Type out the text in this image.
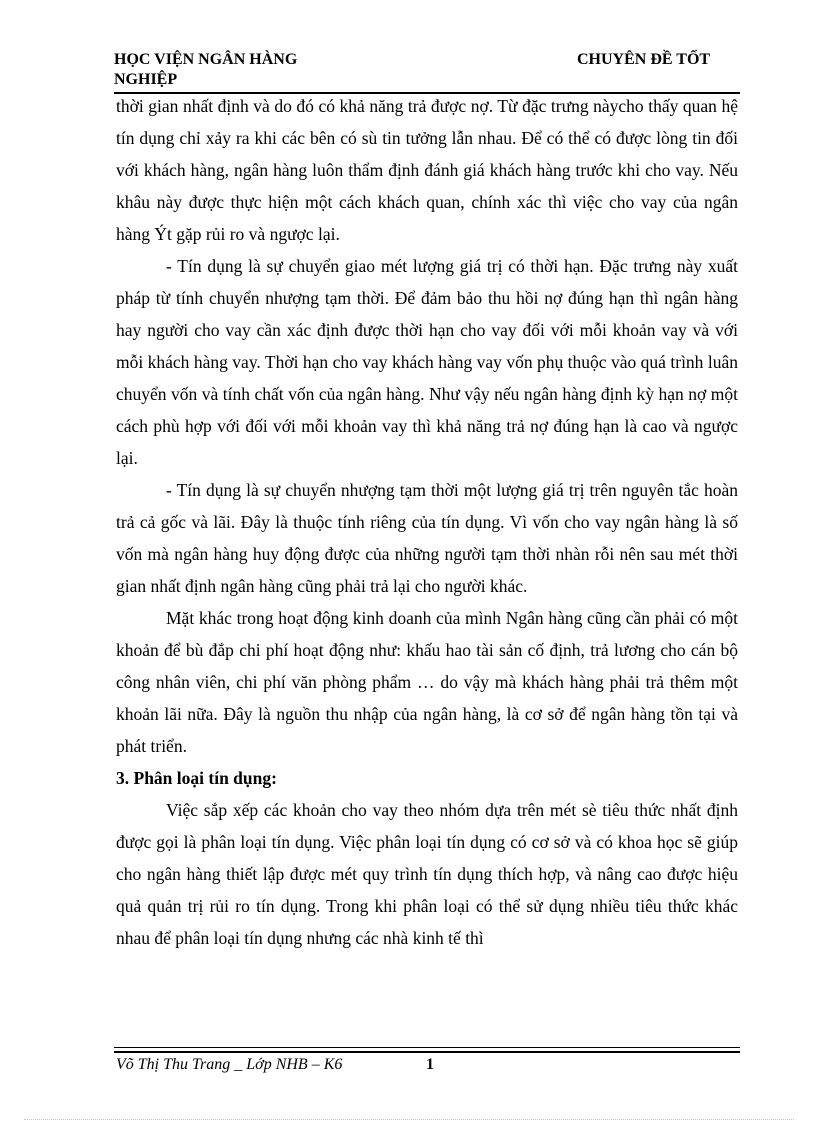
HỌC VIỆN NGÂN HÀNG	CHUYÊN ĐỀ TỐT
NGHIỆP

thời gian nhất định và do đó có khả năng trả được nợ. Từ đặc trưng nàycho thấy quan hệ tín dụng chỉ xảy ra khi các bên có sù tin tưởng lẫn nhau. Để có thể có được lòng tin đối với khách hàng, ngân hàng luôn thẩm định đánh giá khách hàng trước khi cho vay. Nếu khâu này được thực hiện một cách khách quan, chính xác thì việc cho vay của ngân hàng Ýt gặp rủi ro và ngược lại.

- Tín dụng là sự chuyển giao mét lượng giá trị có thời hạn. Đặc trưng này xuất pháp từ tính chuyển nhượng tạm thời. Để đảm bảo thu hồi nợ đúng hạn thì ngân hàng hay người cho vay cần xác định được thời hạn cho vay đối với mỗi khoản vay và với mỗi khách hàng vay. Thời hạn cho vay khách hàng vay vốn phụ thuộc vào quá trình luân chuyển vốn và tính chất vốn của ngân hàng. Như vậy nếu ngân hàng định kỳ hạn nợ một cách phù hợp với đối với mỗi khoản vay thì khả năng trả nợ đúng hạn là cao và ngược lại.

- Tín dụng là sự chuyển nhượng tạm thời một lượng giá trị trên nguyên tắc hoàn trả cả gốc và lãi. Đây là thuộc tính riêng của tín dụng. Vì vốn cho vay ngân hàng là số vốn mà ngân hàng huy động được của những người tạm thời nhàn rỗi nên sau mét thời gian nhất định ngân hàng cũng phải trả lại cho người khác.

Mặt khác trong hoạt động kinh doanh của mình Ngân hàng cũng cần phải có một khoản để bù đắp chi phí hoạt động như: khấu hao tài sản cố định, trả lương cho cán bộ công nhân viên, chi phí văn phòng phẩm … do vậy mà khách hàng phải trả thêm một khoản lãi nữa. Đây là nguồn thu nhập của ngân hàng, là cơ sở để ngân hàng tồn tại và phát triển.

3. Phân loại tín dụng:

Việc sắp xếp các khoản cho vay theo nhóm dựa trên mét sè tiêu thức nhất định được gọi là phân loại tín dụng. Việc phân loại tín dụng có cơ sở và có khoa học sẽ giúp cho ngân hàng thiết lập được mét quy trình tín dụng thích hợp, và nâng cao được hiệu quả quản trị rủi ro tín dụng. Trong khi phân loại có thể sử dụng nhiều tiêu thức khác nhau để phân loại tín dụng nhưng các nhà kinh tế thì

Võ Thị Thu Trang _ Lớp NHB – K6	1
